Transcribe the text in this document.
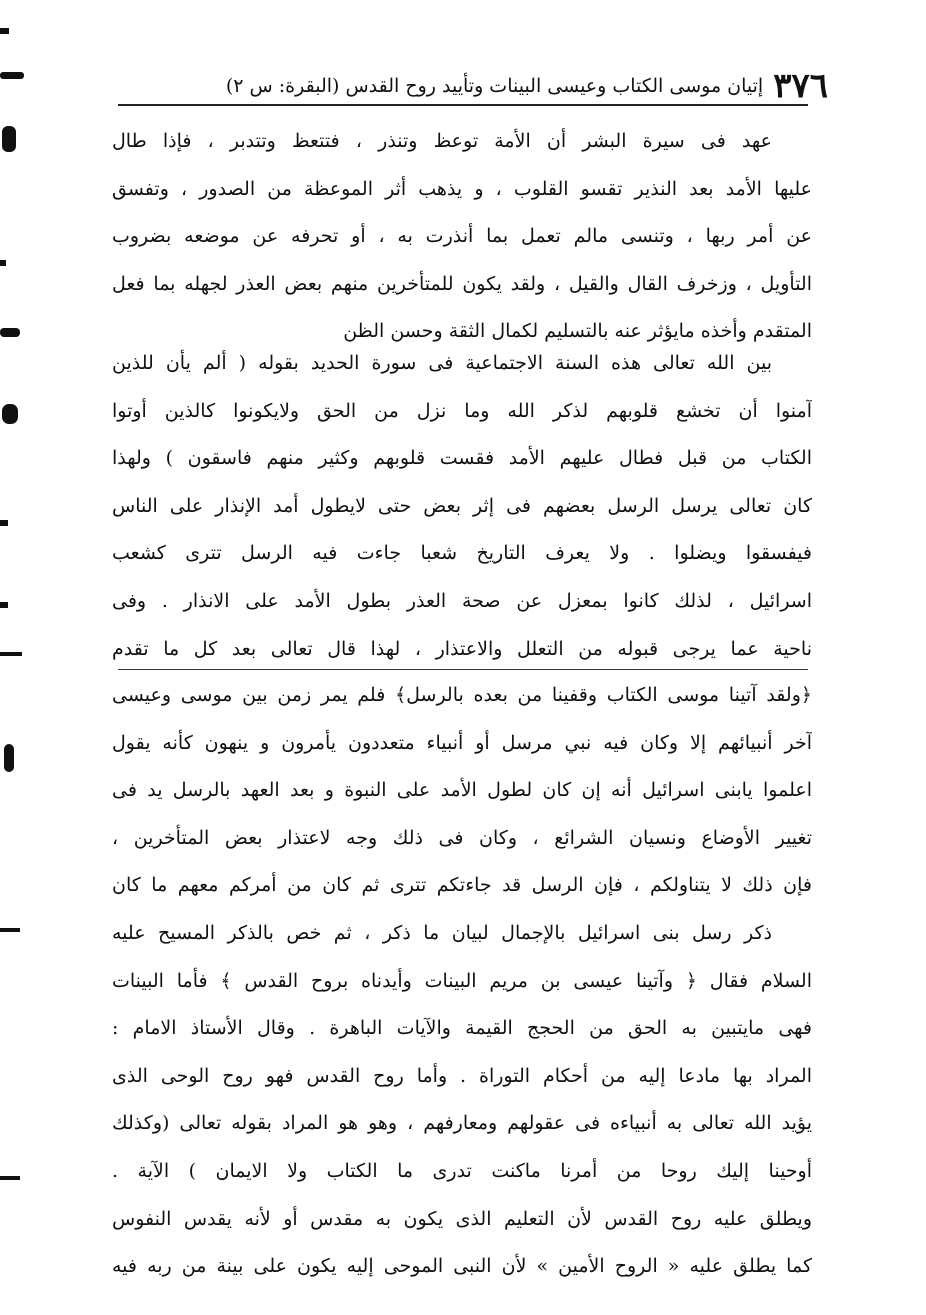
٣٧٦
إتيان موسى الكتاب وعيسى البينات وتأييد روح القدس (البقرة: س ٢)
عهد فى سيرة البشر أن الأمة توعظ وتنذر ، فتتعظ وتتدبر ، فإذا طال
عليها الأمد بعد النذير تقسو القلوب ، و يذهب أثر الموعظة من الصدور ، وتفسق
عن أمر ربها ، وتنسى مالم تعمل بما أنذرت به ، أو تحرفه عن موضعه بضروب
التأويل ، وزخرف القال والقيل ، ولقد يكون للمتأخرين منهم بعض العذر لجهله بما فعل
المتقدم وأخذه مايؤثر عنه بالتسليم لكمال الثقة وحسن الظن
بين الله تعالى هذه السنة الاجتماعية فى سورة الحديد بقوله ( ألم يأن للذين
آمنوا أن تخشع قلوبهم لذكر الله وما نزل من الحق ولايكونوا كالذين أوتوا
الكتاب من قبل فطال عليهم الأمد فقست قلوبهم وكثير منهم فاسقون ) ولهذا
كان تعالى يرسل الرسل بعضهم فى إثر بعض حتى لايطول أمد الإنذار على الناس
فيفسقوا ويضلوا . ولا يعرف التاريخ شعبا جاءت فيه الرسل تترى كشعب
اسرائيل ، لذلك كانوا بمعزل عن صحة العذر بطول الأمد على الانذار . وفى
ناحية عما يرجى قبوله من التعلل والاعتذار ، لهذا قال تعالى بعد كل ما تقدم
﴿ولقد آتينا موسى الكتاب وقفينا من بعده بالرسل﴾ فلم يمر زمن بين موسى وعيسى
آخر أنبيائهم إلا وكان فيه نبي مرسل أو أنبياء متعددون يأمرون و ينهون كأنه يقول
اعلموا يابنى اسرائيل أنه إن كان لطول الأمد على النبوة و بعد العهد بالرسل يد فى
تغيير الأوضاع ونسيان الشرائع ، وكان فى ذلك وجه لاعتذار بعض المتأخرين ،
فإن ذلك لا يتناولكم ، فإن الرسل قد جاءتكم تترى ثم كان من أمركم معهم ما كان
ذكر رسل بنى اسرائيل بالإجمال لبيان ما ذكر ، ثم خص بالذكر المسيح عليه
السلام فقال ﴿ وآتينا عيسى بن مريم البينات وأيدناه بروح القدس ﴾ فأما البينات
فهى مايتبين به الحق من الحجج القيمة والآيات الباهرة . وقال الأستاذ الامام :
المراد بها مادعا إليه من أحكام التوراة . وأما روح القدس فهو روح الوحى الذى
يؤيد الله تعالى به أنبياءه فى عقولهم ومعارفهم ، وهو هو المراد بقوله تعالى (وكذلك
أوحينا إليك روحا من أمرنا ماكنت تدرى ما الكتاب ولا الايمان ) الآية .
ويطلق عليه روح القدس لأن التعليم الذى يكون به مقدس أو لأنه يقدس النفوس
كما يطلق عليه « الروح الأمين » لأن النبى الموحى إليه يكون على بينة من ربه فيه
